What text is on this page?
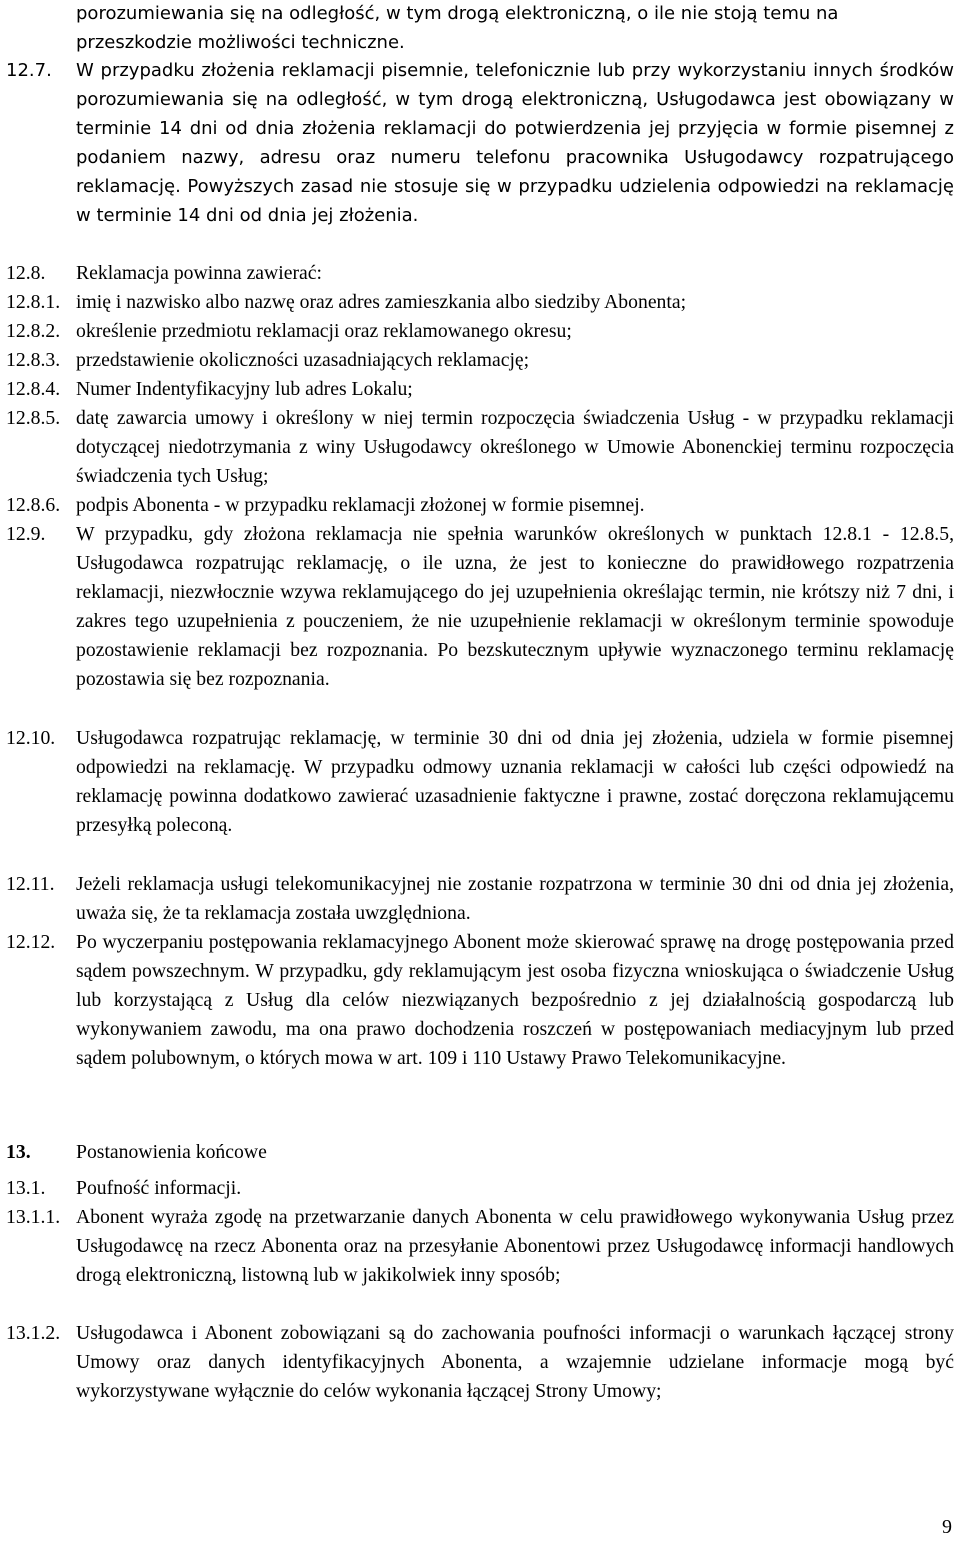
porozumiewania się na odległość, w tym drogą elektroniczną, o ile nie stoją temu na przeszkodzie możliwości techniczne.

12.7. W przypadku złożenia reklamacji pisemnie, telefonicznie lub przy wykorzystaniu innych środków porozumiewania się na odległość, w tym drogą elektroniczną, Usługodawca jest obowiązany w terminie 14 dni od dnia złożenia reklamacji do potwierdzenia jej przyjęcia w formie pisemnej z podaniem nazwy, adresu oraz numeru telefonu pracownika Usługodawcy rozpatrującego reklamację. Powyższych zasad nie stosuje się w przypadku udzielenia odpowiedzi na reklamację w terminie 14 dni od dnia jej złożenia.

12.8. Reklamacja powinna zawierać:

12.8.1. imię i nazwisko albo nazwę oraz adres zamieszkania albo siedziby Abonenta;

12.8.2. określenie przedmiotu reklamacji oraz reklamowanego okresu;

12.8.3. przedstawienie okoliczności uzasadniających reklamację;

12.8.4. Numer Indentyfikacyjny lub adres Lokalu;

12.8.5. datę zawarcia umowy i określony w niej termin rozpoczęcia świadczenia Usług - w przypadku reklamacji dotyczącej niedotrzymania z winy Usługodawcy określonego w Umowie Abonenckiej terminu rozpoczęcia świadczenia tych Usług;

12.8.6. podpis Abonenta - w przypadku reklamacji złożonej w formie pisemnej.

12.9. W przypadku, gdy złożona reklamacja nie spełnia warunków określonych w punktach 12.8.1 - 12.8.5, Usługodawca rozpatrując reklamację, o ile uzna, że jest to konieczne do prawidłowego rozpatrzenia reklamacji, niezwłocznie wzywa reklamującego do jej uzupełnienia określając termin, nie krótszy niż 7 dni, i zakres tego uzupełnienia z pouczeniem, że nie uzupełnienie reklamacji w określonym terminie spowoduje pozostawienie reklamacji bez rozpoznania. Po bezskutecznym upływie wyznaczonego terminu reklamację pozostawia się bez rozpoznania.

12.10. Usługodawca rozpatrując reklamację, w terminie 30 dni od dnia jej złożenia, udziela w formie pisemnej odpowiedzi na reklamację. W przypadku odmowy uznania reklamacji w całości lub części odpowiedź na reklamację powinna dodatkowo zawierać uzasadnienie faktyczne i prawne, zostać doręczona reklamującemu przesyłką poleconą.

12.11. Jeżeli reklamacja usługi telekomunikacyjnej nie zostanie rozpatrzona w terminie 30 dni od dnia jej złożenia, uważa się, że ta reklamacja została uwzględniona.

12.12. Po wyczerpaniu postępowania reklamacyjnego Abonent może skierować sprawę na drogę postępowania przed sądem powszechnym. W przypadku, gdy reklamującym jest osoba fizyczna wnioskująca o świadczenie Usług lub korzystającą z Usług dla celów niezwiązanych bezpośrednio z jej działalnością gospodarczą lub wykonywaniem zawodu, ma ona prawo dochodzenia roszczeń w postępowaniach mediacyjnym lub przed sądem polubownym, o których mowa w art. 109 i 110 Ustawy Prawo Telekomunikacyjne.

13. Postanowienia końcowe

13.1. Poufność informacji.

13.1.1. Abonent wyraża zgodę na przetwarzanie danych Abonenta w celu prawidłowego wykonywania Usług przez Usługodawcę na rzecz Abonenta oraz na przesyłanie Abonentowi przez Usługodawcę informacji handlowych drogą elektroniczną, listowną lub w jakikolwiek inny sposób;

13.1.2. Usługodawca i Abonent zobowiązani są do zachowania poufności informacji o warunkach łączącej strony Umowy oraz danych identyfikacyjnych Abonenta, a wzajemnie udzielane informacje mogą być wykorzystywane wyłącznie do celów wykonania łączącej Strony Umowy;

9
